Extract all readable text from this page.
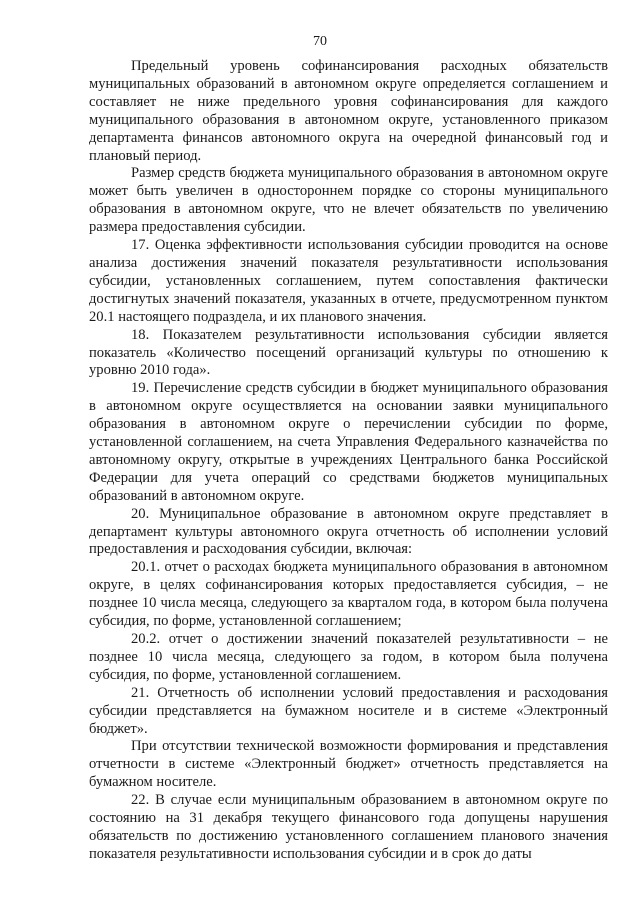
70

Предельный уровень софинансирования расходных обязательств муниципальных образований в автономном округе определяется соглашением и составляет не ниже предельного уровня софинансирования для каждого муниципального образования в автономном округе, установленного приказом департамента финансов автономного округа на очередной финансовый год и плановый период.

Размер средств бюджета муниципального образования в автономном округе может быть увеличен в одностороннем порядке со стороны муниципального образования в автономном округе, что не влечет обязательств по увеличению размера предоставления субсидии.

17. Оценка эффективности использования субсидии проводится на основе анализа достижения значений показателя результативности использования субсидии, установленных соглашением, путем сопоставления фактически достигнутых значений показателя, указанных в отчете, предусмотренном пунктом 20.1 настоящего подраздела, и их планового значения.

18. Показателем результативности использования субсидии является показатель «Количество посещений организаций культуры по отношению к уровню 2010 года».

19. Перечисление средств субсидии в бюджет муниципального образования в автономном округе осуществляется на основании заявки муниципального образования в автономном округе о перечислении субсидии по форме, установленной соглашением, на счета Управления Федерального казначейства по автономному округу, открытые в учреждениях Центрального банка Российской Федерации для учета операций со средствами бюджетов муниципальных образований в автономном округе.

20. Муниципальное образование в автономном округе представляет в департамент культуры автономного округа отчетность об исполнении условий предоставления и расходования субсидии, включая:

20.1. отчет о расходах бюджета муниципального образования в автономном округе, в целях софинансирования которых предоставляется субсидия, – не позднее 10 числа месяца, следующего за кварталом года, в котором была получена субсидия, по форме, установленной соглашением;

20.2. отчет о достижении значений показателей результативности – не позднее 10 числа месяца, следующего за годом, в котором была получена субсидия, по форме, установленной соглашением.

21. Отчетность об исполнении условий предоставления и расходования субсидии представляется на бумажном носителе и в системе «Электронный бюджет».

При отсутствии технической возможности формирования и представления отчетности в системе «Электронный бюджет» отчетность представляется на бумажном носителе.

22. В случае если муниципальным образованием в автономном округе по состоянию на 31 декабря текущего финансового года допущены нарушения обязательств по достижению установленного соглашением планового значения показателя результативности использования субсидии и в срок до даты
